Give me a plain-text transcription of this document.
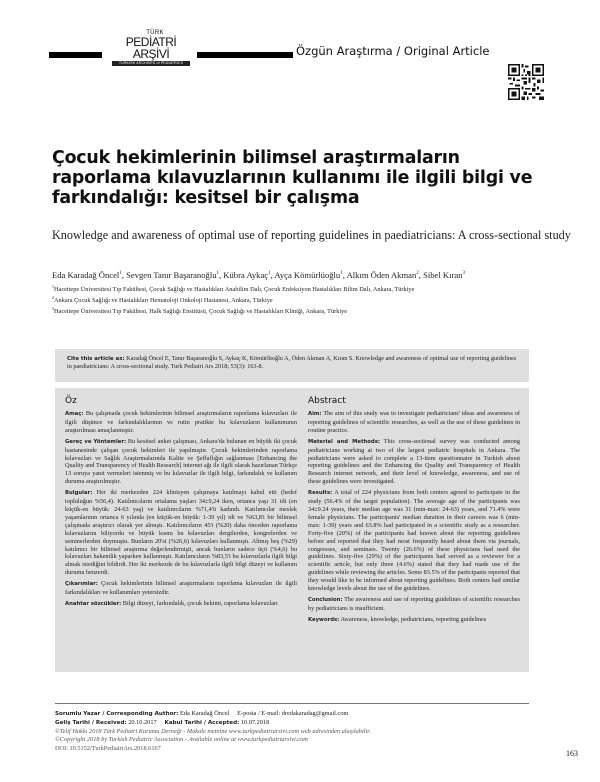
TÜRK
PEDİATRİ ARŞİVİ
TURKISH ARCHIVES of PEDIATRICS
Özgün Araştırma / Original Article
Çocuk hekimlerinin bilimsel araştırmaların raporlama kılavuzlarının kullanımı ile ilgili bilgi ve farkındalığı: kesitsel bir çalışma
Knowledge and awareness of optimal use of reporting guidelines in paediatricians: A cross-sectional study
Eda Karadağ Öncel$^1$, Sevgen Tanır Başaranoğlu$^1$, Kübra Aykaç$^1$, Ayça Kömürlüoğlu$^1$, Alkım Öden Akman$^2$, Sibel Kıran$^3$
$^1$Hacettepe Üniversitesi Tıp Fakültesi, Çocuk Sağlığı ve Hastalıkları Anabilim Dalı, Çocuk Enfeksiyon Hastalıkları Bilim Dalı, Ankara, Türkiye
$^2$Ankara Çocuk Sağlığı ve Hastalıkları Hematoloji Onkoloji Hastanesi, Ankara, Türkiye
$^3$Hacettepe Üniversitesi Tıp Fakültesi, Halk Sağlığı Enstitüsü, Çocuk Sağlığı ve Hastalıkları Kliniği, Ankara, Türkiye
Cite this article as: Karadağ Öncel E, Tanır Başaranoğlu S, Aykaç K, Kömürlüoğlu A, Öden Akman A, Kıran S. Knowledge and awareness of optimal use of reporting guidelines in paediatricians: A cross-sectional study. Turk Pediatri Ars 2018; 53(3): 163-8.
Öz

Amaç: Bu çalışmada çocuk hekimlerinin bilimsel araştırmaların raporlama kılavuzları ile ilgili düşünce ve farkındalıklarının ve rutin pratikte bu kılavuzların kullanımının araştırılması amaçlanmıştır.

Gereç ve Yöntemler: Bu kesitsel anket çalışması, Ankara'da bulunan en büyük iki çocuk hastanesinde çalışan çocuk hekimleri ile yapılmıştır. Çocuk hekimlerinden raporlama kılavuzları ve Sağlık Araştırmalarında Kalite ve Şeffaflığın sağlanması [Enhancing the Quality and Transparency of Health Research] internet ağı ile ilgili olarak hazırlanan Türkçe 13 soruya yanıt vermeleri istenmiş ve bu kılavuzlar ile ilgili bilgi, farkındalık ve kullanım durumu araştırılmıştır.

Bulgular: Her iki merkezden 224 klinisyen çalışmaya katılmayı kabul etti (hedef topluluğun %56,4). Katılımcıların ortalama yaşları 34±9,24 iken, ortanca yaşı 31 idi (en küçük-en büyük: 24-63 yaş) ve katılımcıların %71,4'ü kadındı. Katılımcılar meslek yaşamlarının ortanca 6 yılında (en küçük-en büyük: 1-39 yıl) idi ve %63,8'i bir bilimsel çalışmada araştırıcı olarak yer almıştı. Katılımcıların 45'i (%20) daha önceden raporlama kılavuzlarını biliyordu ve büyük kısmı bu kılavuzları dergilerden, kongrelerden ve seminerlerden duymuştu. Bunların 20'si (%26,6) kılavuzları kullanmıştı. Altmış beş (%29) katılımcı bir bilimsel araştırma değerlendirmişti, ancak bunların sadece üçü (%4,6) bu kılavuzları hakemlik yaparken kullanmıştı. Katılımcıların %83,5'i bu kılavuzlarla ilgili bilgi almak istediğini bildirdi. Her iki merkezde de bu kılavuzlarla ilgili bilgi düzeyi ve kullanım durumu benzerdi.

Çıkarımlar: Çocuk hekimlerinin bilimsel araştırmaların raporlama kılavuzları ile ilgili farkındalıkları ve kullanımları yetersizdir.

Anahtar sözcükler: Bilgi düzeyi, farkındalık, çocuk hekimi, raporlama kılavuzları

Abstract

Aim: The aim of this study was to investigate pediatricians' ideas and awareness of reporting guidelines of scientific researches, as well as the use of these guidelines in routine practice.

Material and Methods: This cross-sectional survey was conducted among pediatricians working at two of the largest pediatric hospitals in Ankara. The pediatricians were asked to complete a 13-item questionnaire in Turkish about reporting guidelines and the Enhancing the Quality and Transparency of Health Research internet network, and their level of knowledge, awareness, and use of these guidelines were investigated.

Results: A total of 224 physicians from both centers agreed to participate in the study (56.4% of the target population). The average age of the participants was 34±9.24 years, their median age was 31 (min-max: 24-63) years, and 71.4% were female physicians. The participants' median duration in their careers was 6 (min-max: 1-39) years and 63.8% had participated in a scientific study as a researcher. Forty-five (20%) of the participants had known about the reporting guidelines before and reported that they had most frequently heard about them via journals, congresses, and seminars. Twenty (26.6%) of these physicians had used the guidelines. Sixty-five (29%) of the participants had served as a reviewer for a scientific article, but only three (4.6%) stated that they had made use of the guidelines while reviewing the articles. Some 83.5% of the participants reported that they would like to be informed about reporting guidelines. Both centers had similar knowledge levels about the use of the guidelines.

Conclusion: The awareness and use of reporting guidelines of scientific researches by pediatricians is insufficient.

Keywords: Awareness, knowledge, pediatricians, reporting guidelines

Sorumlu Yazar / Corresponding Author: Eda Karadağ Öncel E-posta / E-mail: dredakaradag@gmail.com
Geliş Tarihi / Received: 20.10.2017 Kabul Tarihi / Accepted: 10.07.2018
©Telif Hakkı 2018 Türk Pediatri Kurumu Derneği - Makale metnine www.turkpediatriarsivi.com web adresinden ulaşılabilir.
©Copyright 2018 by Turkish Pediatric Association - Available online at www.turkpediatriarsivi.com
DOI: 10.5152/TurkPediatriArs.2018.6167
163
